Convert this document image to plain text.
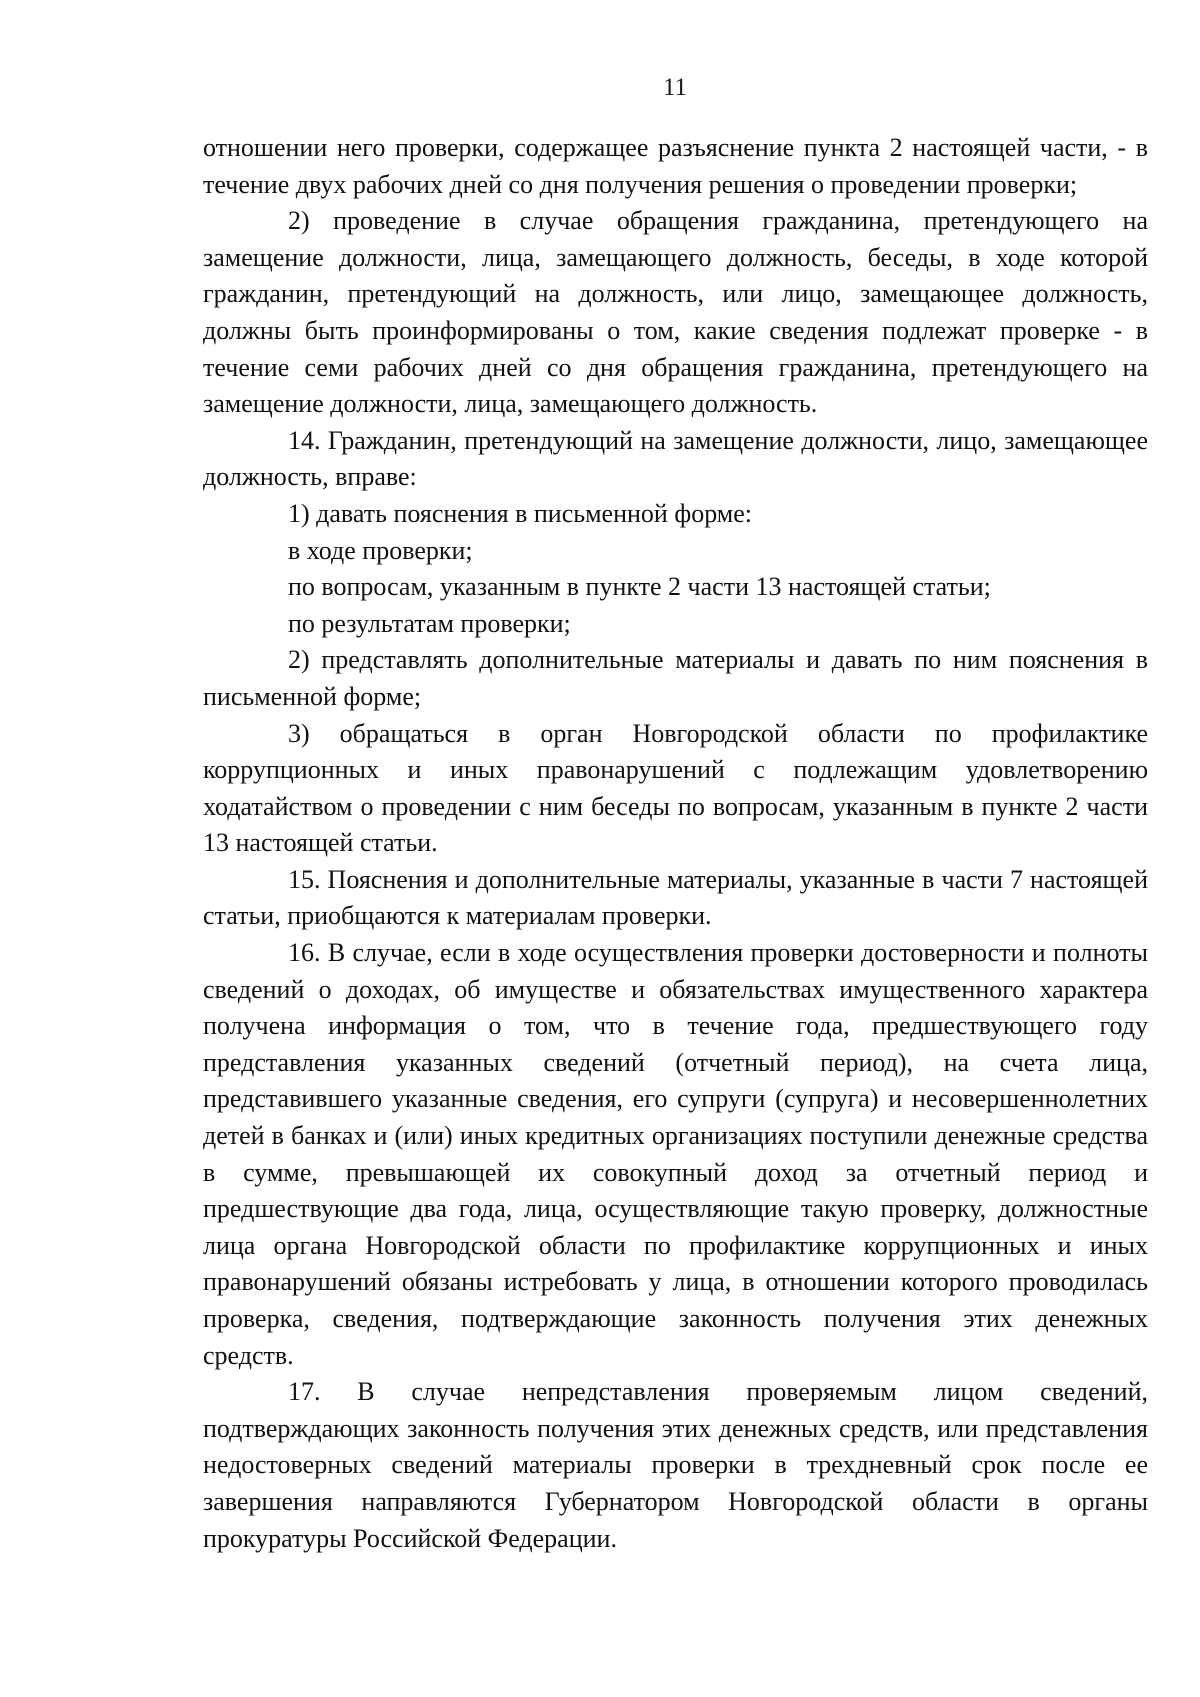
11

отношении него проверки, содержащее разъяснение пункта 2 настоящей части, - в течение двух рабочих дней со дня получения решения о проведении проверки;

2) проведение в случае обращения гражданина, претендующего на замещение должности, лица, замещающего должность, беседы, в ходе которой гражданин, претендующий на должность, или лицо, замещающее должность, должны быть проинформированы о том, какие сведения подлежат проверке - в течение семи рабочих дней со дня обращения гражданина, претендующего на замещение должности, лица, замещающего должность.

14. Гражданин, претендующий на замещение должности, лицо, замещающее должность, вправе:

1) давать пояснения в письменной форме:

в ходе проверки;

по вопросам, указанным в пункте 2 части 13 настоящей статьи;

по результатам проверки;

2) представлять дополнительные материалы и давать по ним пояснения в письменной форме;

3) обращаться в орган Новгородской области по профилактике коррупционных и иных правонарушений с подлежащим удовлетворению ходатайством о проведении с ним беседы по вопросам, указанным в пункте 2 части 13 настоящей статьи.

15. Пояснения и дополнительные материалы, указанные в части 7 настоящей статьи, приобщаются к материалам проверки.

16. В случае, если в ходе осуществления проверки достоверности и полноты сведений о доходах, об имуществе и обязательствах имущественного характера получена информация о том, что в течение года, предшествующего году представления указанных сведений (отчетный период), на счета лица, представившего указанные сведения, его супруги (супруга) и несовершеннолетних детей в банках и (или) иных кредитных организациях поступили денежные средства в сумме, превышающей их совокупный доход за отчетный период и предшествующие два года, лица, осуществляющие такую проверку, должностные лица органа Новгородской области по профилактике коррупционных и иных правонарушений обязаны истребовать у лица, в отношении которого проводилась проверка, сведения, подтверждающие законность получения этих денежных средств.

17. В случае непредставления проверяемым лицом сведений, подтверждающих законность получения этих денежных средств, или представления недостоверных сведений материалы проверки в трехдневный срок после ее завершения направляются Губернатором Новгородской области в органы прокуратуры Российской Федерации.
